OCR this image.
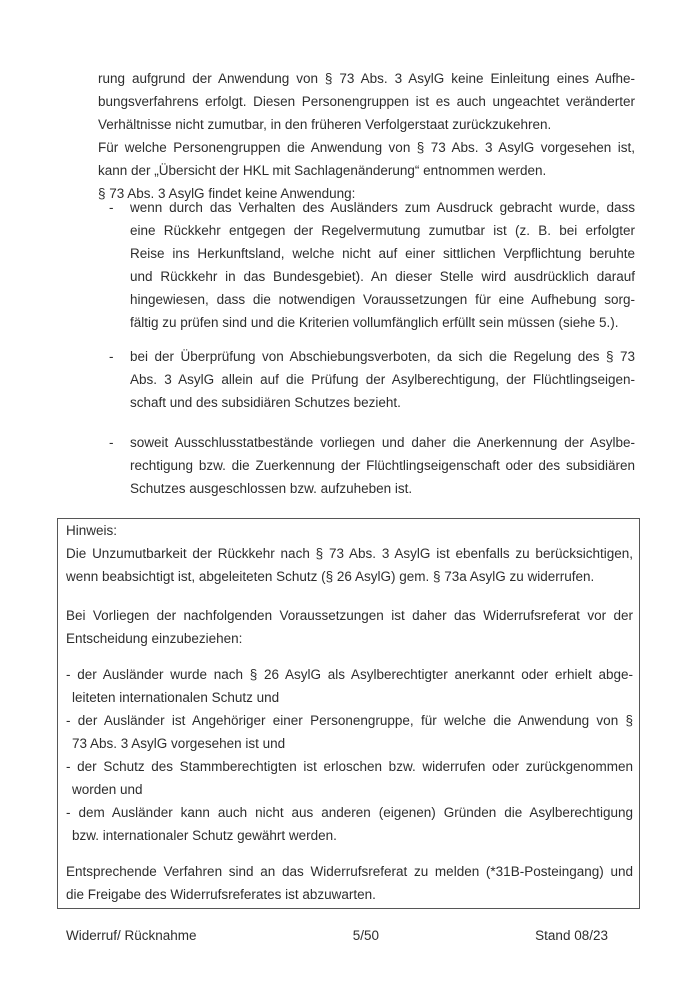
rung aufgrund der Anwendung von § 73 Abs. 3 AsylG keine Einleitung eines Aufhe-
bungsverfahrens erfolgt. Diesen Personengruppen ist es auch ungeachtet veränderter
Verhältnisse nicht zumutbar, in den früheren Verfolgerstaat zurückzukehren.
Für welche Personengruppen die Anwendung von § 73 Abs. 3 AsylG vorgesehen ist,
kann der „Übersicht der HKL mit Sachlagenänderung“ entnommen werden.
§ 73 Abs. 3 AsylG findet keine Anwendung:
- wenn durch das Verhalten des Ausländers zum Ausdruck gebracht wurde, dass
eine Rückkehr entgegen der Regelvermutung zumutbar ist (z. B. bei erfolgter
Reise ins Herkunftsland, welche nicht auf einer sittlichen Verpflichtung beruhte
und Rückkehr in das Bundesgebiet). An dieser Stelle wird ausdrücklich darauf
hingewiesen, dass die notwendigen Voraussetzungen für eine Aufhebung sorg-
fältig zu prüfen sind und die Kriterien vollumfänglich erfüllt sein müssen (siehe 5.).
- bei der Überprüfung von Abschiebungsverboten, da sich die Regelung des § 73
Abs. 3 AsylG allein auf die Prüfung der Asylberechtigung, der Flüchtlingseigen-
schaft und des subsidiären Schutzes bezieht.
- soweit Ausschlusstatbestände vorliegen und daher die Anerkennung der Asylbe-
rechtigung bzw. die Zuerkennung der Flüchtlingseigenschaft oder des subsidiären
Schutzes ausgeschlossen bzw. aufzuheben ist.
Hinweis:
Die Unzumutbarkeit der Rückkehr nach § 73 Abs. 3 AsylG ist ebenfalls zu berücksichtigen,
wenn beabsichtigt ist, abgeleiteten Schutz (§ 26 AsylG) gem. § 73a AsylG zu widerrufen.
Bei Vorliegen der nachfolgenden Voraussetzungen ist daher das Widerrufsreferat vor der
Entscheidung einzubeziehen:
- der Ausländer wurde nach § 26 AsylG als Asylberechtigter anerkannt oder erhielt abge-
leiteten internationalen Schutz und
- der Ausländer ist Angehöriger einer Personengruppe, für welche die Anwendung von §
73 Abs. 3 AsylG vorgesehen ist und
- der Schutz des Stammberechtigten ist erloschen bzw. widerrufen oder zurückgenommen
worden und
- dem Ausländer kann auch nicht aus anderen (eigenen) Gründen die Asylberechtigung
bzw. internationaler Schutz gewährt werden.
Entsprechende Verfahren sind an das Widerrufsreferat zu melden (*31B-Posteingang) und
die Freigabe des Widerrufsreferates ist abzuwarten.
Widerruf/ Rücknahme	5/50	Stand 08/23
